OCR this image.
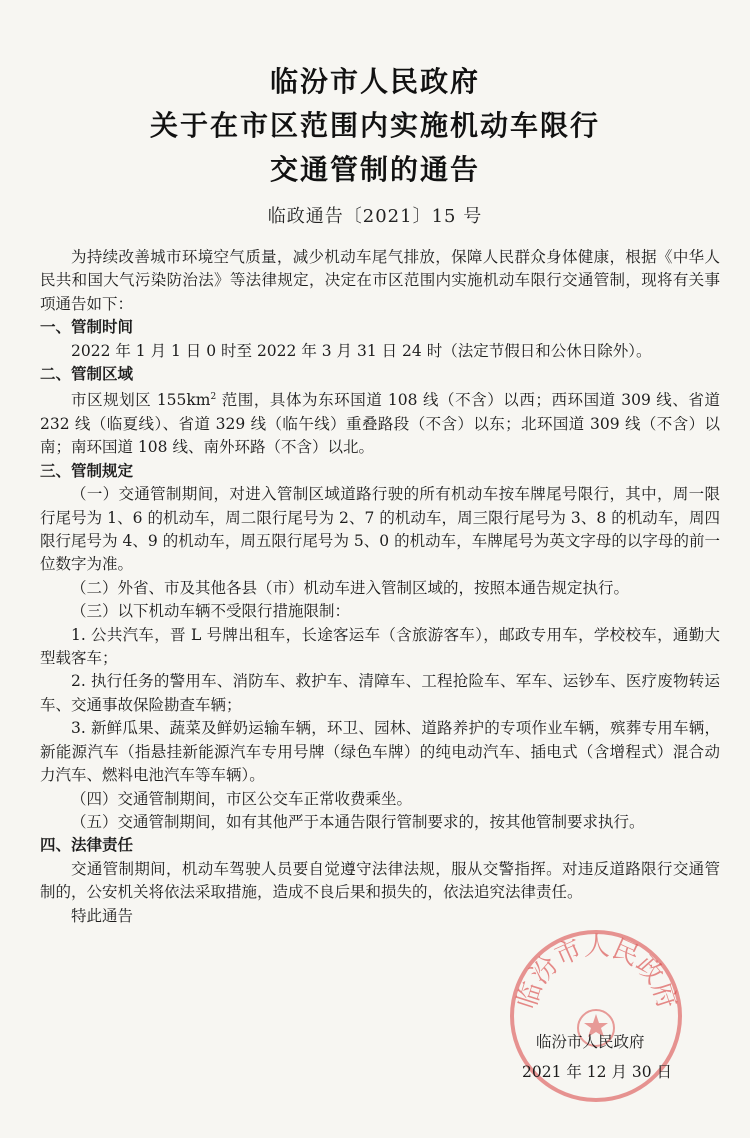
临汾市人民政府
关于在市区范围内实施机动车限行
交通管制的通告
临政通告〔2021〕15 号

为持续改善城市环境空气质量，减少机动车尾气排放，保障人民群众身体健康，根据《中华人民共和国大气污染防治法》等法律规定，决定在市区范围内实施机动车限行交通管制，现将有关事项通告如下：

一、管制时间

2022 年 1 月 1 日 0 时至 2022 年 3 月 31 日 24 时（法定节假日和公休日除外）。

二、管制区域

市区规划区 $155km^2$ 范围，具体为东环国道 108 线（不含）以西；西环国道 309 线、省道 232 线（临夏线）、省道 329 线（临午线）重叠路段（不含）以东；北环国道 309 线（不含）以南；南环国道 108 线、南外环路（不含）以北。

三、管制规定

（一）交通管制期间，对进入管制区域道路行驶的所有机动车按车牌尾号限行，其中，周一限行尾号为 1、6 的机动车，周二限行尾号为 2、7 的机动车，周三限行尾号为 3、8 的机动车，周四限行尾号为 4、9 的机动车，周五限行尾号为 5、0 的机动车，车牌尾号为英文字母的以字母的前一位数字为准。

（二）外省、市及其他各县（市）机动车进入管制区域的，按照本通告规定执行。

（三）以下机动车辆不受限行措施限制：

1. 公共汽车，晋 L 号牌出租车，长途客运车（含旅游客车），邮政专用车，学校校车，通勤大型载客车；

2. 执行任务的警用车、消防车、救护车、清障车、工程抢险车、军车、运钞车、医疗废物转运车、交通事故保险勘查车辆；

3. 新鲜瓜果、蔬菜及鲜奶运输车辆，环卫、园林、道路养护的专项作业车辆，殡葬专用车辆，新能源汽车（指悬挂新能源汽车专用号牌（绿色车牌）的纯电动汽车、插电式（含增程式）混合动力汽车、燃料电池汽车等车辆）。

（四）交通管制期间，市区公交车正常收费乘坐。

（五）交通管制期间，如有其他严于本通告限行管制要求的，按其他管制要求执行。

四、法律责任

交通管制期间，机动车驾驶人员要自觉遵守法律法规，服从交警指挥。对违反道路限行交通管制的，公安机关将依法采取措施，造成不良后果和损失的，依法追究法律责任。

特此通告

临汾市人民政府
临汾市人民政府
2021 年 12 月 30 日
